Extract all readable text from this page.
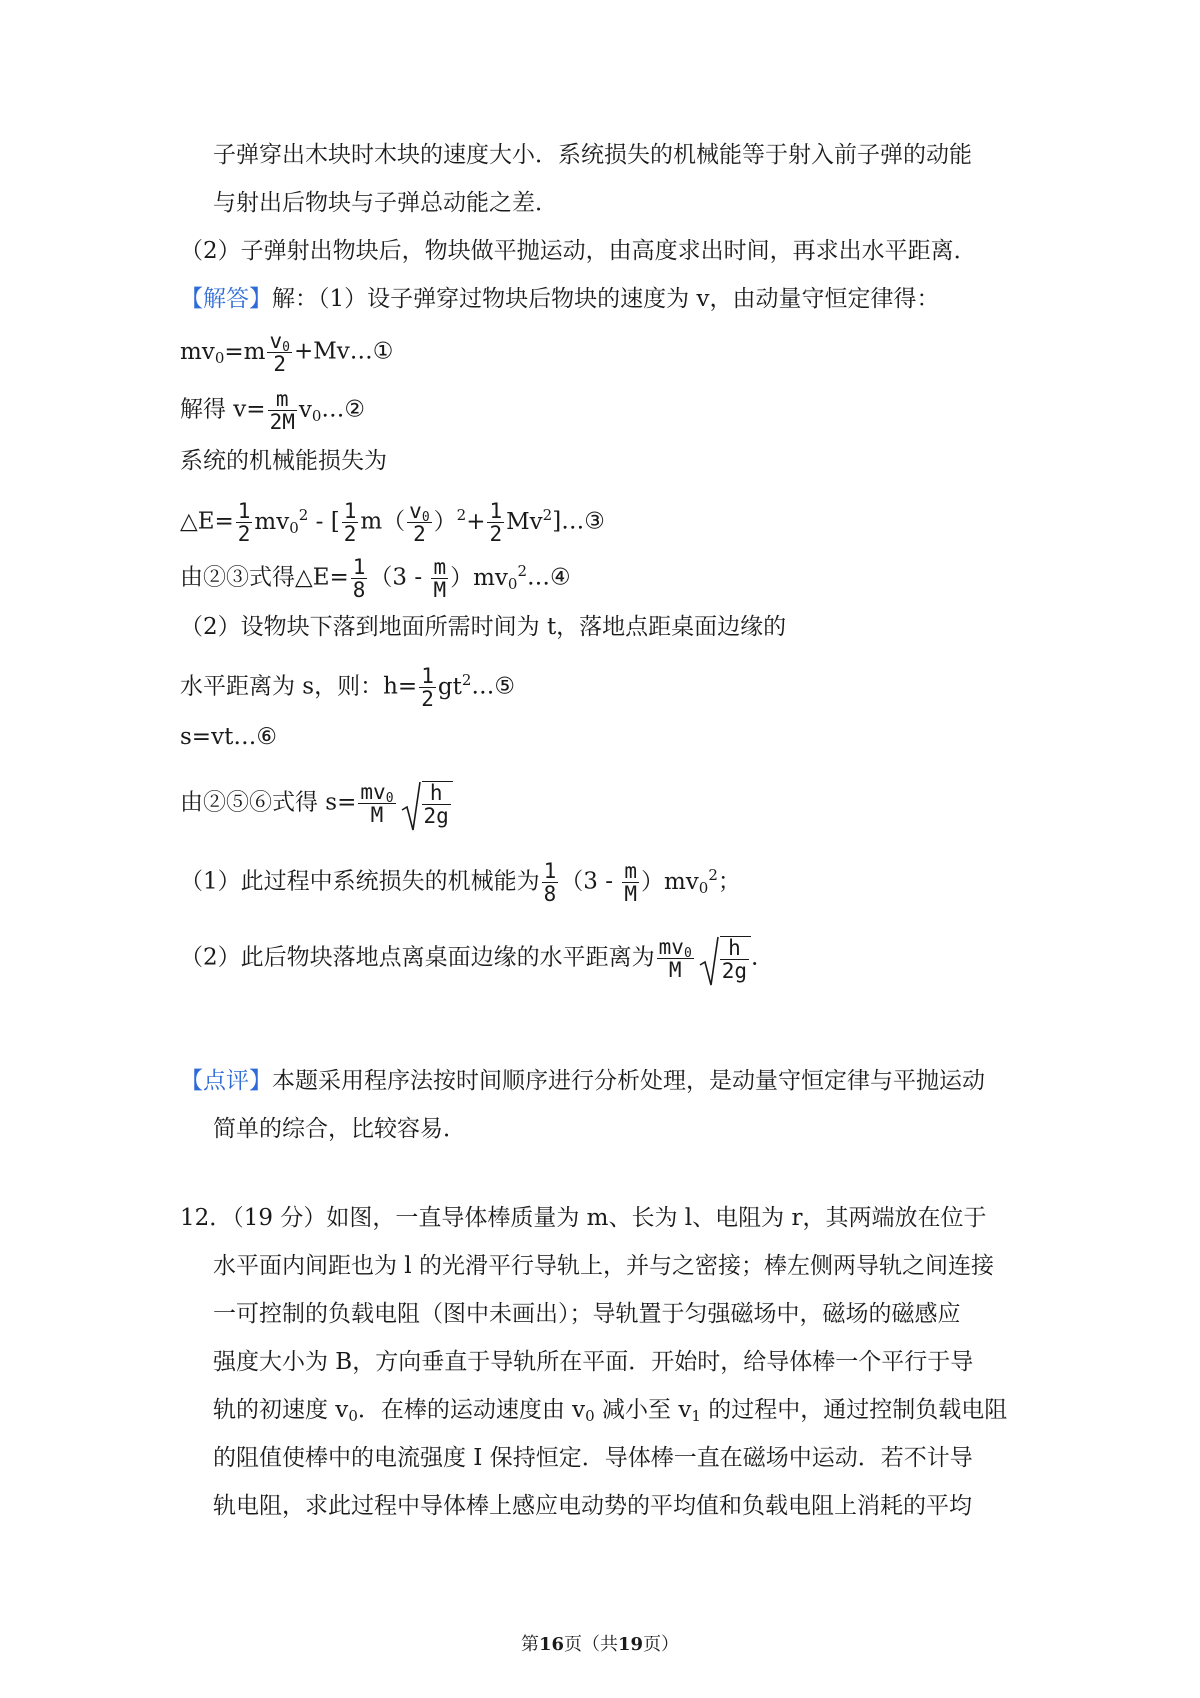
子弹穿出木块时木块的速度大小．系统损失的机械能等于射入前子弹的动能
与射出后物块与子弹总动能之差．
（2）子弹射出物块后，物块做平抛运动，由高度求出时间，再求出水平距离．
【解答】解：（1）设子弹穿过物块后物块的速度为 v，由动量守恒定律得：
$mv_0=m \frac{v_0}{2}$ +Mv…①
解得 $v= \frac{m}{2M}$ $v_0\dots ②$
系统的机械能损失为
△E= $\frac{1}{2} mv_0^2$ - [ $\frac{1}{2} m( \frac{v_0}{2} )^2+ \frac{1}{2}$ Mv$^2$]…③
由②③式得△E= $\frac{1}{8} (3 - \frac{m}{M}$ ）$mv_0^2\dots ④$
（2）设物块下落到地面所需时间为 t，落地点距桌面边缘的
水平距离为 s，则：$h= \frac{1}{2}$ $gt^2\dots ⑤$
s=vt…⑥
由②⑤⑥式得 $s= \frac{mv_0}{M} \frac{h}{2g}$
（1）此过程中系统损失的机械能为 $\frac{1}{8} (3 - \frac{m}{M} )mv_0^2$；
（2）此后物块落地点离桌面边缘的水平距离为 $\frac{mv_0}{M} \frac{h}{2g}$ ．
【点评】本题采用程序法按时间顺序进行分析处理，是动量守恒定律与平抛运动
简单的综合，比较容易．
12．（19 分）如图，一直导体棒质量为 m、长为 l、电阻为 r，其两端放在位于
水平面内间距也为 l 的光滑平行导轨上，并与之密接；棒左侧两导轨之间连接
一可控制的负载电阻（图中未画出）；导轨置于匀强磁场中，磁场的磁感应
强度大小为 B，方向垂直于导轨所在平面．开始时，给导体棒一个平行于导
轨的初速度 $v_0$．在棒的运动速度由 $v_0$ 减小至 $v_1$ 的过程中，通过控制负载电阻
的阻值使棒中的电流强度 I 保持恒定．导体棒一直在磁场中运动．若不计导
轨电阻，求此过程中导体棒上感应电动势的平均值和负载电阻上消耗的平均
第16页（共19页）
